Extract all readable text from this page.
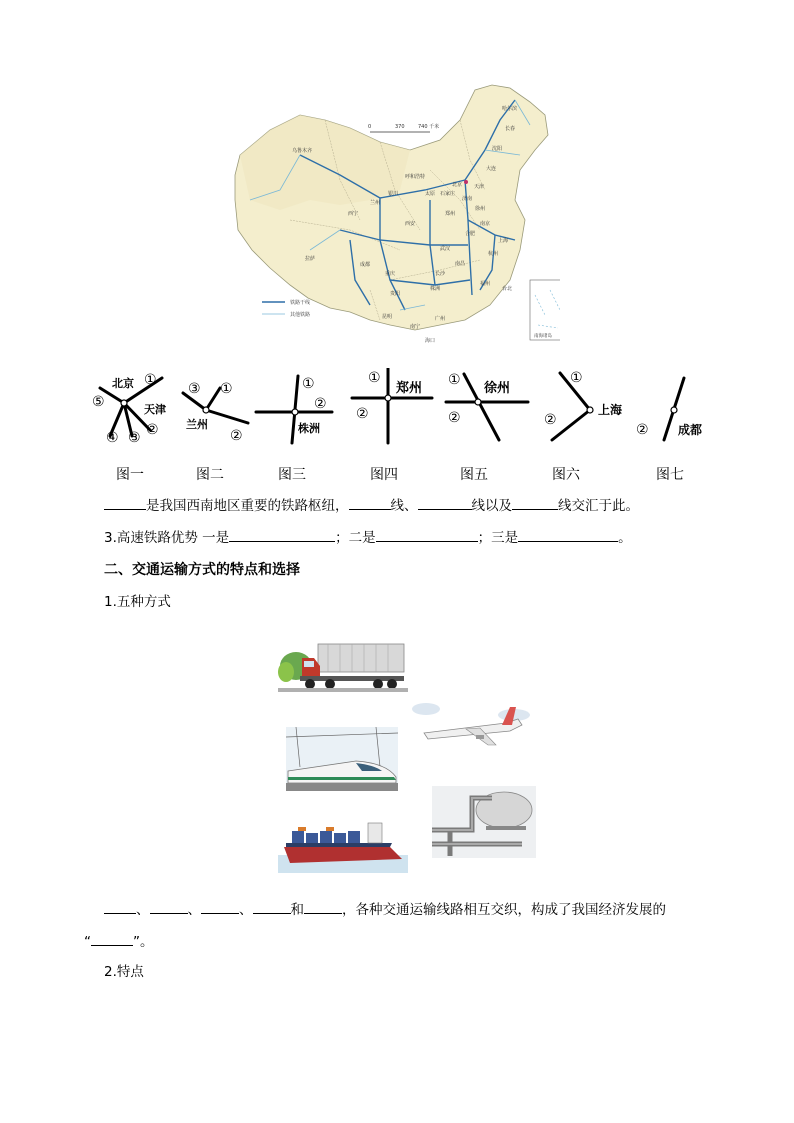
0	370	740 千米
乌鲁木齐
北京 天津
上海
兰州
成都
拉萨
昆明	广州
南宁
西宁
武汉
长沙
郑州
徐州
株洲
哈尔滨
长春
沈阳
大连
福州
台北
贵阳
西安
济南
南京
杭州
重庆
合肥
南昌
石家庄
太原
呼和浩特
银川
海口
铁路干线
其他铁路
南海诸岛
北京
天津
①
②
③
④
⑤
③ ①
②
兰州
①
②
株洲
①
②
郑州
①
②
徐州
①
②
上海
② 成都
图一	图二	图三	图四	图五	图六	图七
是我国西南地区重要的铁路枢纽，	线、	线以及	线交汇于此。
3.高速铁路优势 一是	；二是	；三是	。
二、交通运输方式的特点和选择
1.五种方式
、	、	、	和	，各种交通运输线路相互交织，构成了我国经济发展的
“	”。
2.特点
